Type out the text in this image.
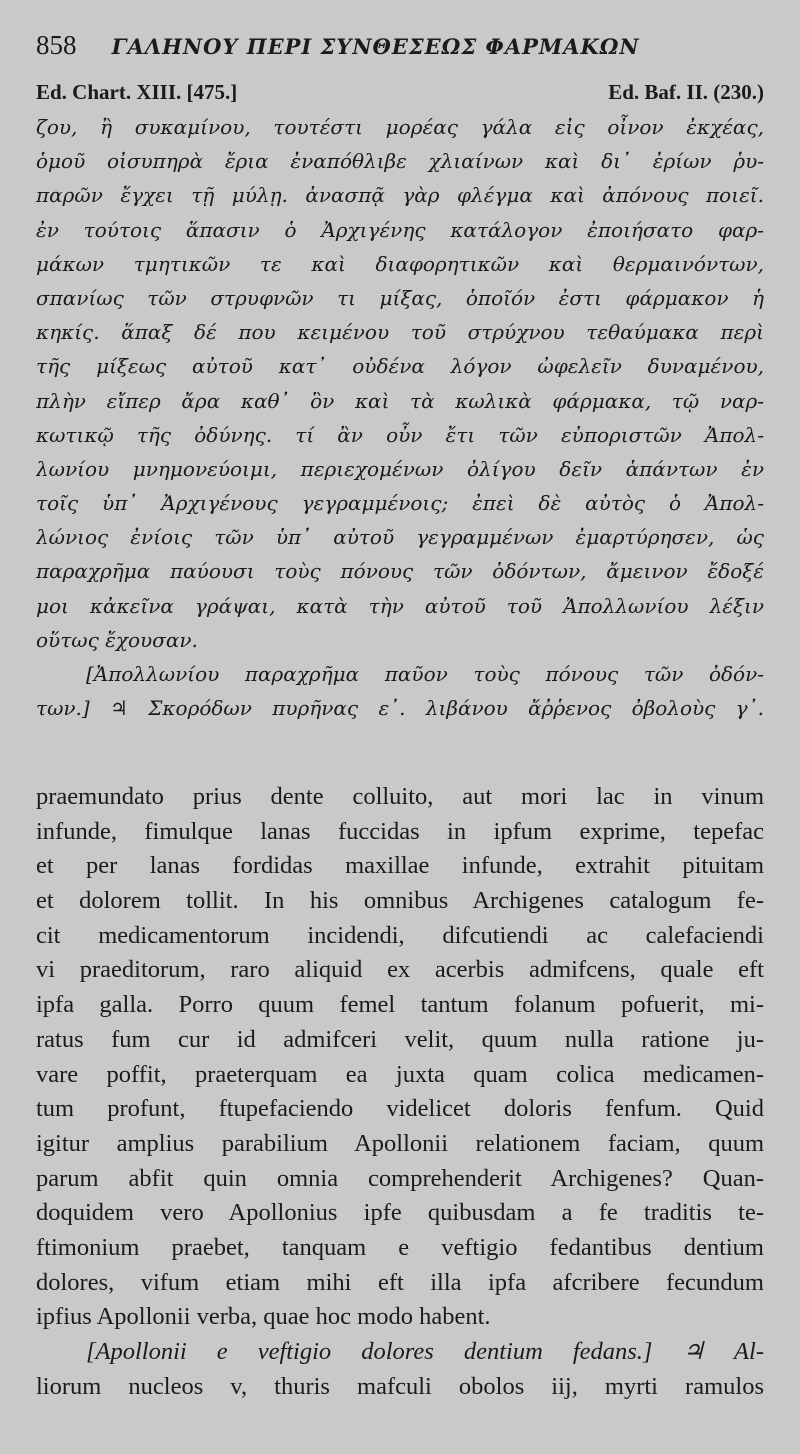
858 ΓΑΛΗΝΟΥ ΠΕΡΙ ΣΥΝΘΕΣΕΩΣ ΦΑΡΜΑΚΩΝ
Ed. Chart. XIII. [475.]	Ed. Baf. II. (230.)
ζου, ἢ συκαμίνου, τουτέστι μορέας γάλα εἰς οἶνον ἐκχέας,
ὁμοῦ οἰσυπηρὰ ἔρια ἐναπόθλιβε χλιαίνων καὶ δι᾿ ἐρίων ῥυ-
παρῶν ἔγχει τῇ μύλῃ. ἀνασπᾷ γὰρ φλέγμα καὶ ἀπόνους ποιεῖ.
ἐν τούτοις ἅπασιν ὁ Ἀρχιγένης κατάλογον ἐποιήσατο φαρ-
μάκων τμητικῶν τε καὶ διαφορητικῶν καὶ θερμαινόντων,
σπανίως τῶν στρυφνῶν τι μίξας, ὁποῖόν ἐστι φάρμακον ἡ
κηκίς. ἅπαξ δέ που κειμένου τοῦ στρύχνου τεθαύμακα περὶ
τῆς μίξεως αὐτοῦ κατ᾿ οὐδένα λόγον ὠφελεῖν δυναμένου,
πλὴν εἴπερ ἄρα καθ᾿ ὃν καὶ τὰ κωλικὰ φάρμακα, τῷ ναρ-
κωτικῷ τῆς ὀδύνης. τί ἂν οὖν ἔτι τῶν εὐποριστῶν Ἀπολ-
λωνίου μνημονεύοιμι, περιεχομένων ὀλίγου δεῖν ἁπάντων ἐν
τοῖς ὑπ᾿ Ἀρχιγένους γεγραμμένοις; ἐπεὶ δὲ αὐτὸς ὁ Ἀπολ-
λώνιος ἐνίοις τῶν ὑπ᾿ αὐτοῦ γεγραμμένων ἐμαρτύρησεν, ὡς
παραχρῆμα παύουσι τοὺς πόνους τῶν ὀδόντων, ἄμεινον ἔδοξέ
μοι κἀκεῖνα γράψαι, κατὰ τὴν αὐτοῦ τοῦ Ἀπολλωνίου λέξιν
οὕτως ἔχουσαν.
[Ἀπολλωνίου παραχρῆμα παῦον τοὺς πόνους τῶν ὀδόν-
των.] ♃ Σκορόδων πυρῆνας ε᾿. λιβάνου ἄῤῥενος ὀβολοὺς γ᾿.
praemundato prius dente colluito, aut mori lac in vinum
infunde, fimulque lanas fuccidas in ipfum exprime, tepefac
et per lanas fordidas maxillae infunde, extrahit pituitam
et dolorem tollit. In his omnibus Archigenes catalogum fe-
cit medicamentorum incidendi, difcutiendi ac calefaciendi
vi praeditorum, raro aliquid ex acerbis admifcens, quale eft
ipfa galla. Porro quum femel tantum folanum pofuerit, mi-
ratus fum cur id admifceri velit, quum nulla ratione ju-
vare poffit, praeterquam ea juxta quam colica medicamen-
tum profunt, ftupefaciendo videlicet doloris fenfum. Quid
igitur amplius parabilium Apollonii relationem faciam, quum
parum abfit quin omnia comprehenderit Archigenes? Quan-
doquidem vero Apollonius ipfe quibusdam a fe traditis te-
ftimonium praebet, tanquam e veftigio fedantibus dentium
dolores, vifum etiam mihi eft illa ipfa afcribere fecundum
ipfius Apollonii verba, quae hoc modo habent.
[Apollonii e veftigio dolores dentium fedans.] ♃ Al-
liorum nucleos v, thuris mafculi obolos iij, myrti ramulos
